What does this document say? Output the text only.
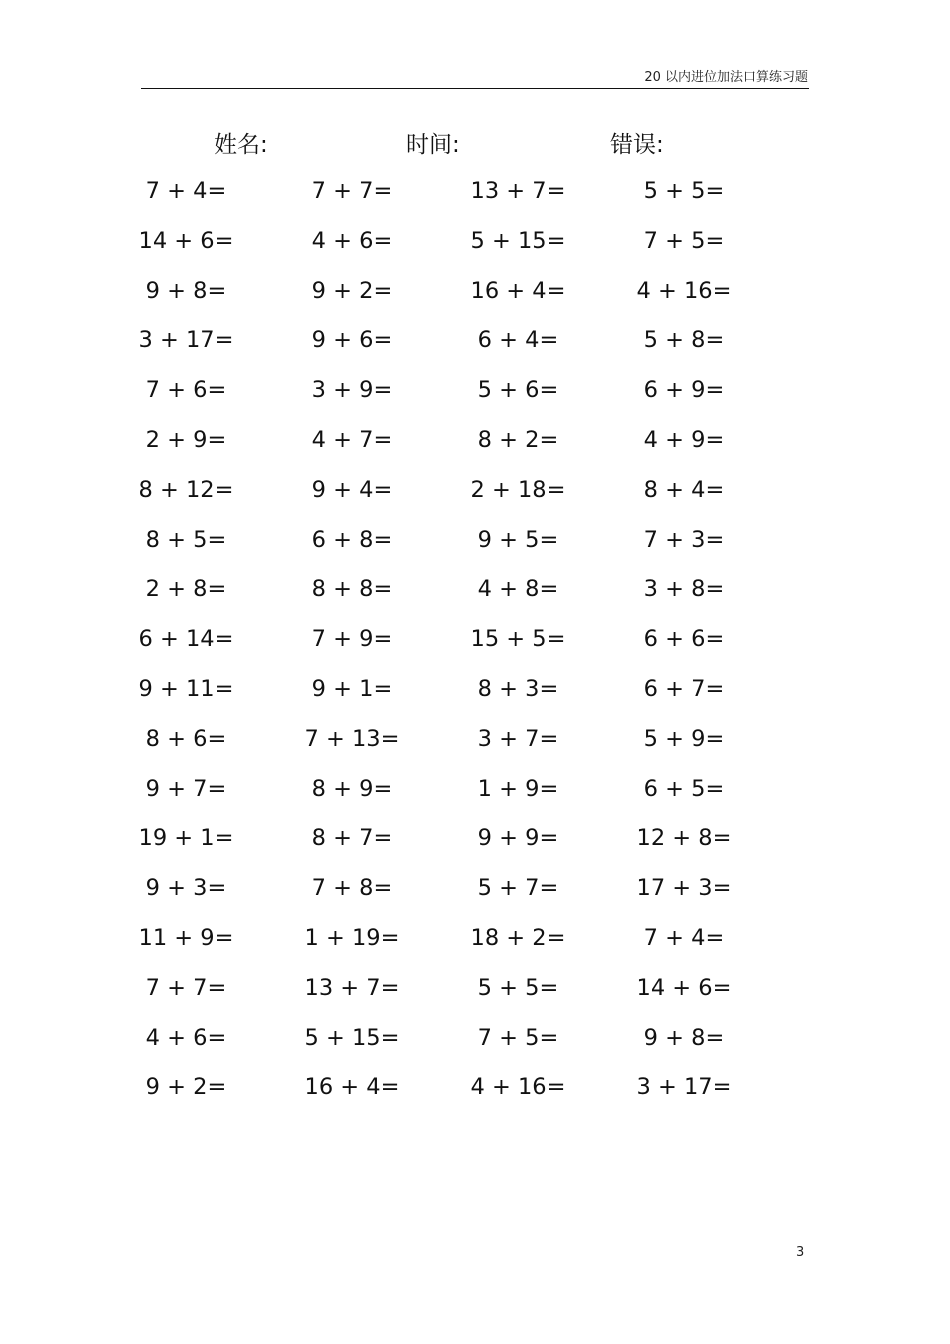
20 以内进位加法口算练习题
姓名:	时间:	错误:
7 + 4=	7 + 7=	13 + 7=	5 + 5=
14 + 6=	4 + 6=	5 + 15=	7 + 5=
9 + 8=	9 + 2=	16 + 4=	4 + 16=
3 + 17=	9 + 6=	6 + 4=	5 + 8=
7 + 6=	3 + 9=	5 + 6=	6 + 9=
2 + 9=	4 + 7=	8 + 2=	4 + 9=
8 + 12=	9 + 4=	2 + 18=	8 + 4=
8 + 5=	6 + 8=	9 + 5=	7 + 3=
2 + 8=	8 + 8=	4 + 8=	3 + 8=
6 + 14=	7 + 9=	15 + 5=	6 + 6=
9 + 11=	9 + 1=	8 + 3=	6 + 7=
8 + 6=	7 + 13=	3 + 7=	5 + 9=
9 + 7=	8 + 9=	1 + 9=	6 + 5=
19 + 1=	8 + 7=	9 + 9=	12 + 8=
9 + 3=	7 + 8=	5 + 7=	17 + 3=
11 + 9=	1 + 19=	18 + 2=	7 + 4=
7 + 7=	13 + 7=	5 + 5=	14 + 6=
4 + 6=	5 + 15=	7 + 5=	9 + 8=
9 + 2=	16 + 4=	4 + 16=	3 + 17=
3
